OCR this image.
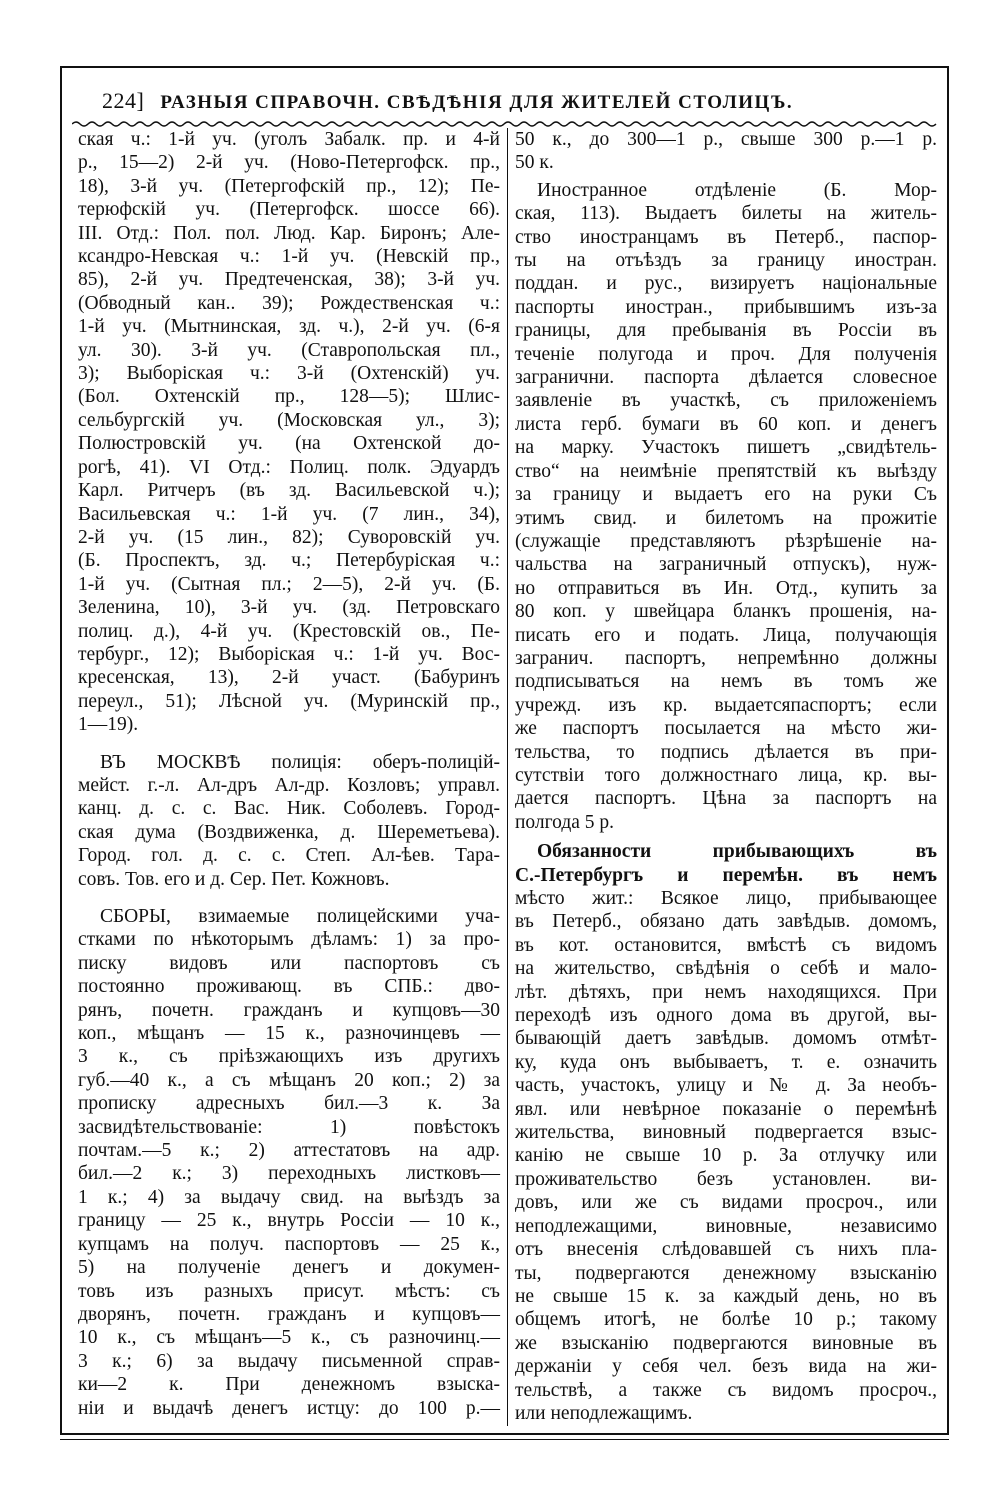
224] РАЗНЫЯ СПРАВОЧН. СВѢДѢНІЯ ДЛЯ ЖИТЕЛЕЙ СТОЛИЦЪ.
ская ч.: 1-й уч. (уголъ Забалк. пр. и 4-й
р., 15—2) 2-й уч. (Ново-Петергофск. пр.,
18), 3-й уч. (Петергофскій пр., 12); Пе-
терюфскій уч. (Петергофск. шоссе 66).
III. Отд.: Пол. пол. Люд. Кар. Биронъ; Але-
ксандро-Невская ч.: 1-й уч. (Невскій пр.,
85), 2-й уч. Предтеченская, 38); 3-й уч.
(Обводный кан.. 39); Рождественская ч.:
1-й уч. (Мытнинская, зд. ч.), 2-й уч. (6-я
ул. 30). 3-й уч. (Ставропольская пл.,
3); Выборіская ч.: 3-й (Охтенскій) уч.
(Бол. Охтенскій пр., 128—5); Шлис-
сельбургскій уч. (Московская ул., 3);
Полюстровскій уч. (на Охтенской до-
рогѣ, 41). VI Отд.: Полиц. полк. Эдуардъ
Карл. Ритчеръ (въ зд. Васильевской ч.);
Васильевская ч.: 1-й уч. (7 лин., 34),
2-й уч. (15 лин., 82); Суворовскій уч.
(Б. Проспектъ, зд. ч.; Петербуріская ч.:
1-й уч. (Сытная пл.; 2—5), 2-й уч. (Б.
Зеленина, 10), 3-й уч. (зд. Петровскаго
полиц. д.), 4-й уч. (Крестовскій ов., Пе-
тербург., 12); Выборіская ч.: 1-й уч. Вос-
кресенская, 13), 2-й участ. (Бабуринъ
переул., 51); Лѣсной уч. (Муринскій пр.,
1—19).
ВЪ МОСКВѢ полиція: оберъ-полицій-
мейст. г.-л. Ал-дръ Ал-др. Козловъ; управл.
канц. д. с. с. Вас. Ник. Соболевъ. Город-
ская дума (Воздвиженка, д. Шереметьева).
Город. гол. д. с. с. Степ. Ал-ѣев. Тара-
совъ. Тов. его и д. Сер. Пет. Кожновъ.
СБОРЫ, взимаемые полицейскими уча-
стками по нѣкоторымъ дѣламъ: 1) за про-
писку видовъ или паспортовъ съ
постоянно проживающ. въ СПБ.: дво-
рянъ, почетн. гражданъ и купцовъ—30
коп., мѣщанъ — 15 к., разночинцевъ —
3 к., съ пріѣзжающихъ изъ другихъ
губ.—40 к., а съ мѣщанъ 20 коп.; 2) за
прописку адресныхъ бил.—3 к. За
засвидѣтельствованіе: 1) повѣстокъ
почтам.—5 к.; 2) аттестатовъ на адр.
бил.—2 к.; 3) переходныхъ листковъ—
1 к.; 4) за выдачу свид. на выѣздъ за
границу — 25 к., внутрь Россіи — 10 к.,
купцамъ на получ. паспортовъ — 25 к.,
5) на полученіе денегъ и докумен-
товъ изъ разныхъ присут. мѣстъ: съ
дворянъ, почетн. гражданъ и купцовъ—
10 к., съ мѣщанъ—5 к., съ разночинц.—
3 к.; 6) за выдачу письменной справ-
ки—2 к. При денежномъ взыска-
ніи и выдачѣ денегъ истцу: до 100 р.—
50 к., до 300—1 р., свыше 300 р.—1 р.
50 к.
Иностранное отдѣленіе (Б. Мор-
ская, 113). Выдаетъ билеты на житель-
ство иностранцамъ въ Петерб., паспор-
ты на отъѣздъ за границу иностран.
поддан. и рус., визируетъ національные
паспорты иностран., прибывшимъ изъ-за
границы, для пребыванія въ Россіи въ
теченіе полугода и проч. Для полученія
загранични. паспорта дѣлается словесное
заявленіе въ участкѣ, съ приложеніемъ
листа герб. бумаги въ 60 коп. и денегъ
на марку. Участокъ пишетъ „свидѣтель-
ство“ на неимѣніе препятствій къ выѣзду
за границу и выдаетъ его на руки Съ
этимъ свид. и билетомъ на прожитіе
(служащіе представляютъ рѣзрѣшеніе на-
чальства на заграничный отпускъ), нуж-
но отправиться въ Ин. Отд., купить за
80 коп. у швейцара бланкъ прошенія, на-
писать его и подать. Лица, получающія
загранич. паспортъ, непремѣнно должны
подписываться на немъ въ томъ же
учрежд. изъ кр. выдаетсяпаспортъ; если
же паспортъ посылается на мѣсто жи-
тельства, то подпись дѣлается въ при-
сутствіи того должностнаго лица, кр. вы-
дается паспортъ. Цѣна за паспортъ на
полгода 5 р.
Обязанности прибывающихъ въ
С.-Петербургъ и перемѣн. въ немъ
мѣсто жит.: Всякое лицо, прибывающее
въ Петерб., обязано дать завѣдыв. домомъ,
въ кот. остановится, вмѣстѣ съ видомъ
на жительство, свѣдѣнія о себѣ и мало-
лѣт. дѣтяхъ, при немъ находящихся. При
переходѣ изъ одного дома въ другой, вы-
бывающій даетъ завѣдыв. домомъ отмѣт-
ку, куда онъ выбываетъ, т. е. означить
часть, участокъ, улицу и № д. За необъ-
явл. или невѣрное показаніе о перемѣнѣ
жительства, виновный подвергается взыс-
канію не свыше 10 р. За отлучку или
проживательство безъ установлен. ви-
довъ, или же съ видами просроч., или
неподлежащими, виновные, независимо
отъ внесенія слѣдовавшей съ нихъ пла-
ты, подвергаются денежному взысканію
не свыше 15 к. за каждый день, но въ
общемъ итогѣ, не болѣе 10 р.; такому
же взысканію подвергаются виновные въ
держаніи у себя чел. безъ вида на жи-
тельствѣ, а также съ видомъ просроч.,
или неподлежащимъ.
